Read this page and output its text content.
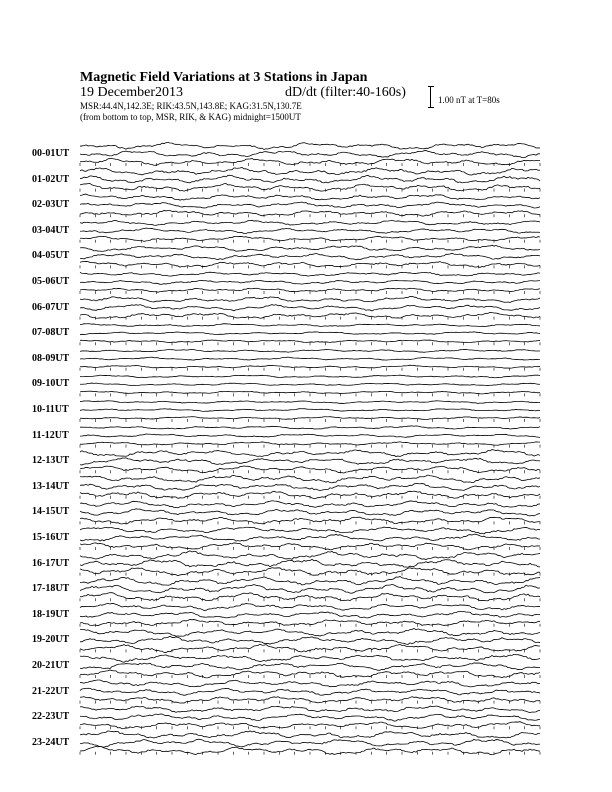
Magnetic Field Variations at 3 Stations in Japan
19 December2013	dD/dt (filter:40-160s)
MSR:44.4N,142.3E; RIK:43.5N,143.8E; KAG:31.5N,130.7E
(from bottom to top, MSR, RIK, & KAG) midnight=1500UT
1.00 nT at T=80s
00-01UT
01-02UT
02-03UT
03-04UT
04-05UT
05-06UT
06-07UT
07-08UT
08-09UT
09-10UT
10-11UT
11-12UT
12-13UT
13-14UT
14-15UT
15-16UT
16-17UT
17-18UT
18-19UT
19-20UT
20-21UT
21-22UT
22-23UT
23-24UT
